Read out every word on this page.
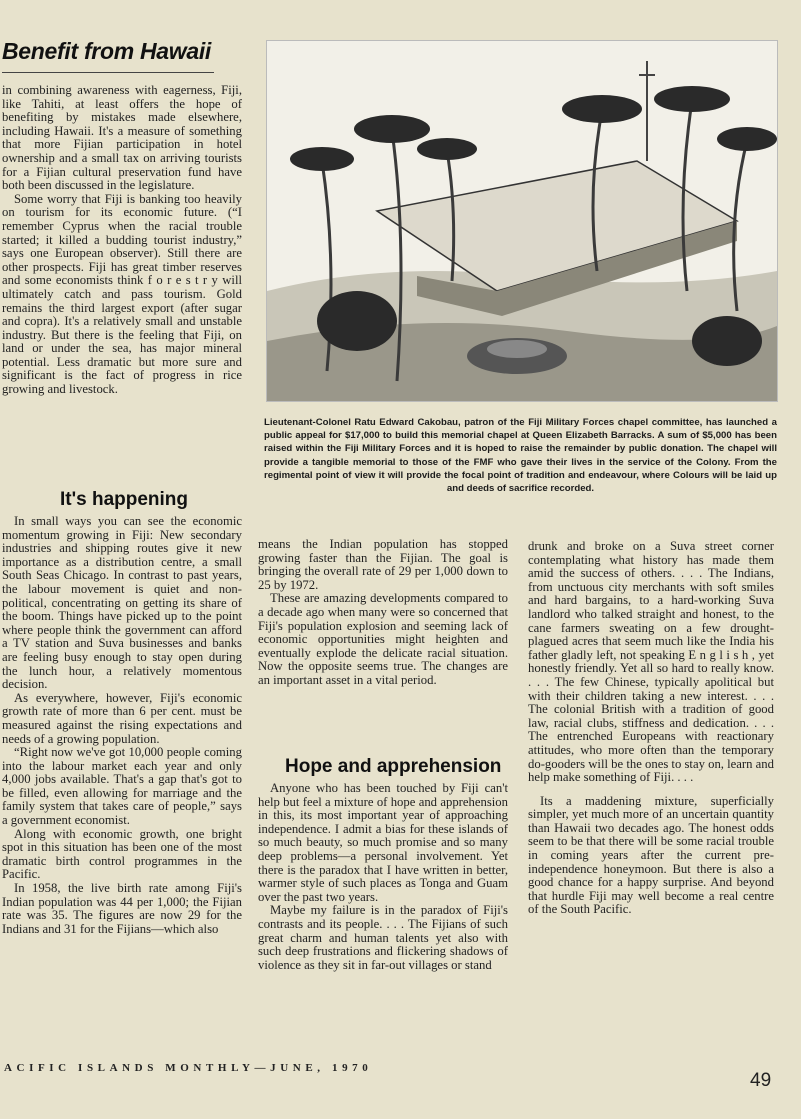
Benefit from Hawaii

in combining awareness with eagerness, Fiji, like Tahiti, at least offers the hope of benefiting by mistakes made elsewhere, including Hawaii. It's a measure of something that more Fijian participation in hotel ownership and a small tax on arriving tourists for a Fijian cultural preservation fund have both been discussed in the legislature.

Some worry that Fiji is banking too heavily on tourism for its economic future. (“I remember Cyprus when the racial trouble started; it killed a budding tourist industry,” says one European observer). Still there are other prospects. Fiji has great timber reserves and some economists think f o r e s t r y will ultimately catch and pass tourism. Gold remains the third largest export (after sugar and copra). It's a relatively small and unstable industry. But there is the feeling that Fiji, on land or under the sea, has major mineral potential. Less dramatic but more sure and significant is the fact of progress in rice growing and livestock.

It's happening

In small ways you can see the economic momentum growing in Fiji: New secondary industries and shipping routes give it new importance as a distribution centre, a small South Seas Chicago. In contrast to past years, the labour movement is quiet and non-political, concentrating on getting its share of the boom. Things have picked up to the point where people think the government can afford a TV station and Suva businesses and banks are feeling busy enough to stay open during the lunch hour, a relatively momentous decision.

As everywhere, however, Fiji's economic growth rate of more than 6 per cent. must be measured against the rising expectations and needs of a growing population.

“Right now we've got 10,000 people coming into the labour market each year and only 4,000 jobs available. That's a gap that's got to be filled, even allowing for marriage and the family system that takes care of people,” says a government economist.

Along with economic growth, one bright spot in this situation has been one of the most dramatic birth control programmes in the Pacific.

In 1958, the live birth rate among Fiji's Indian population was 44 per 1,000; the Fijian rate was 35. The figures are now 29 for the Indians and 31 for the Fijians—which also

Lieutenant-Colonel Ratu Edward Cakobau, patron of the Fiji Military Forces chapel committee, has launched a public appeal for $17,000 to build this memorial chapel at Queen Elizabeth Barracks. A sum of $5,000 has been raised within the Fiji Military Forces and it is hoped to raise the remainder by public donation. The chapel will provide a tangible memorial to those of the FMF who gave their lives in the service of the Colony. From the regimental point of view it will provide the focal point of tradition and endeavour, where Colours will be laid up and deeds of sacrifice recorded.

means the Indian population has stopped growing faster than the Fijian. The goal is bringing the overall rate of 29 per 1,000 down to 25 by 1972.

These are amazing developments compared to a decade ago when many were so concerned that Fiji's population explosion and seeming lack of economic opportunities might heighten and eventually explode the delicate racial situation. Now the opposite seems true. The changes are an important asset in a vital period.

Hope and apprehension

Anyone who has been touched by Fiji can't help but feel a mixture of hope and apprehension in this, its most important year of approaching independence. I admit a bias for these islands of so much beauty, so much promise and so many deep problems—a personal involvement. Yet there is the paradox that I have written in better, warmer style of such places as Tonga and Guam over the past two years.

Maybe my failure is in the paradox of Fiji's contrasts and its people. . . . The Fijians of such great charm and human talents yet also with such deep frustrations and flickering shadows of violence as they sit in far-out villages or stand

drunk and broke on a Suva street corner contemplating what history has made them amid the success of others. . . . The Indians, from unctuous city merchants with soft smiles and hard bargains, to a hard-working Suva landlord who talked straight and honest, to the cane farmers sweating on a few drought-plagued acres that seem much like the India his father gladly left, not speaking E n g l i s h , yet honestly friendly. Yet all so hard to really know. . . . The few Chinese, typically apolitical but with their children taking a new interest. . . . The colonial British with a tradition of good law, racial clubs, stiffness and dedication. . . . The entrenched Europeans with reactionary attitudes, who more often than the temporary do-gooders will be the ones to stay on, learn and help make something of Fiji. . . .

Its a maddening mixture, superficially simpler, yet much more of an uncertain quantity than Hawaii two decades ago. The honest odds seem to be that there will be some racial trouble in coming years after the current pre-independence honeymoon. But there is also a good chance for a happy surprise. And beyond that hurdle Fiji may well become a real centre of the South Pacific.

ACIFIC ISLANDS MONTHLY—JUNE, 1970
49
